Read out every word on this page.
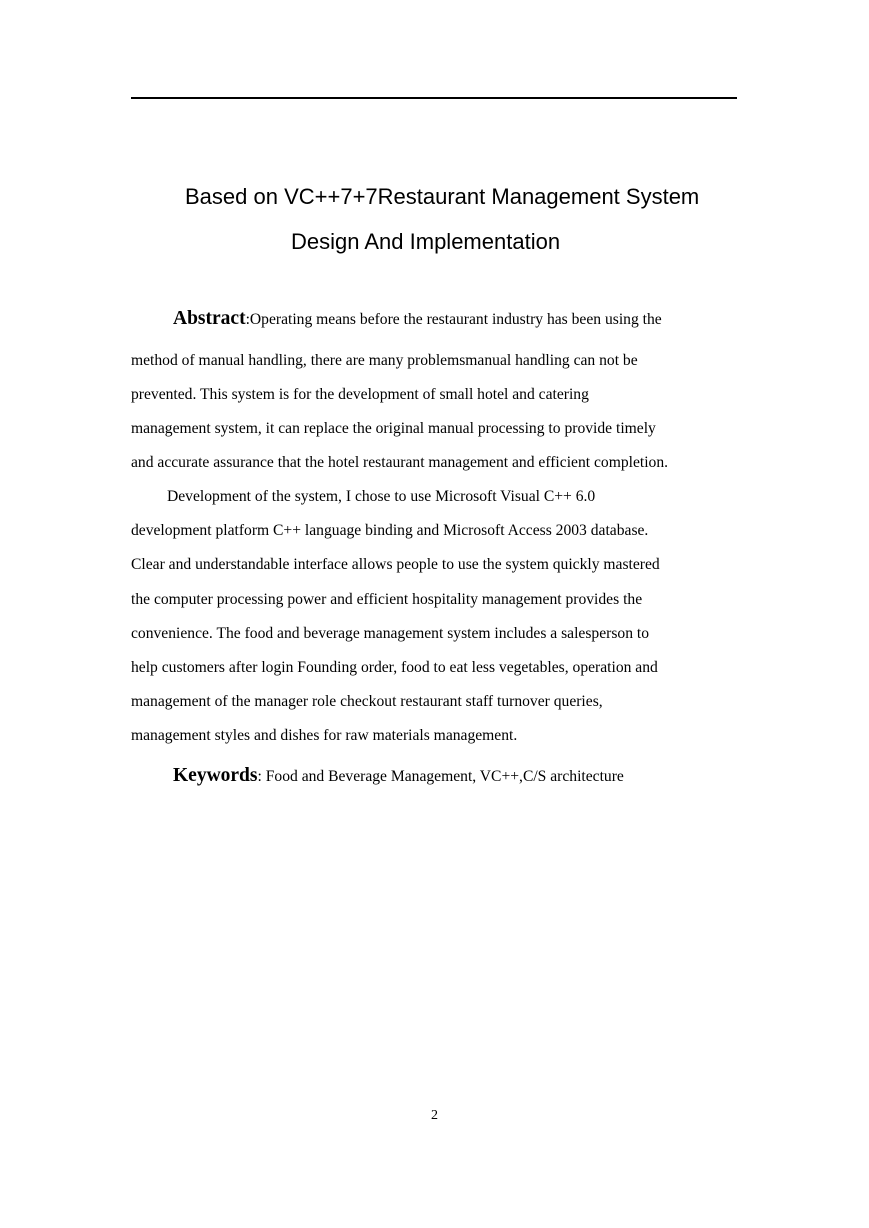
Based on VC++7+7Restaurant Management System
Design And Implementation
Abstract:Operating means before the restaurant industry has been using the
method of manual handling, there are many problemsmanual handling can not be
prevented. This system is for the development of small hotel and catering
management system, it can replace the original manual processing to provide timely
and accurate assurance that the hotel restaurant management and efficient completion.
Development of the system, I chose to use Microsoft Visual C++ 6.0
development platform C++ language binding and Microsoft Access 2003 database.
Clear and understandable interface allows people to use the system quickly mastered
the computer processing power and efficient hospitality management provides the
convenience. The food and beverage management system includes a salesperson to
help customers after login Founding order, food to eat less vegetables, operation and
management of the manager role checkout restaurant staff turnover queries,
management styles and dishes for raw materials management.
Keywords: Food and Beverage Management, VC++,C/S architecture
2
